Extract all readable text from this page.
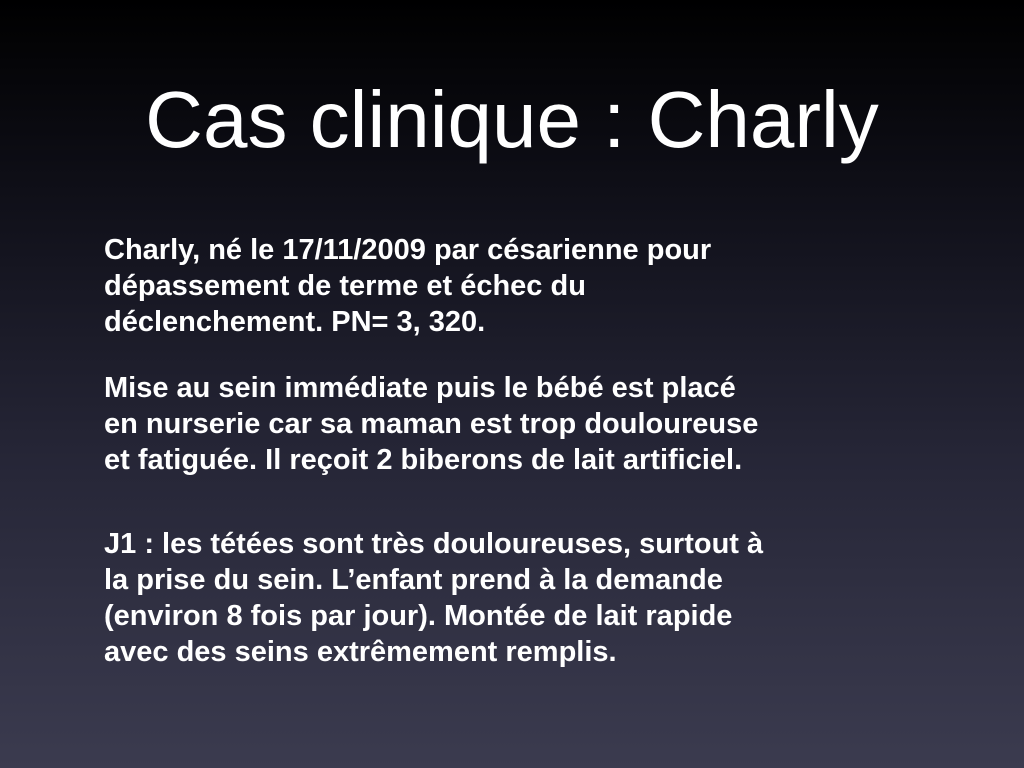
Cas clinique : Charly

Charly, né le 17/11/2009 par césarienne pour
dépassement de terme et échec du
déclenchement. PN= 3, 320.

Mise au sein immédiate puis le bébé est placé
en nurserie car sa maman est trop douloureuse
et fatiguée. Il reçoit 2 biberons de lait artificiel.

J1 : les tétées sont très douloureuses, surtout à
la prise du sein. L’enfant prend à la demande
(environ 8 fois par jour). Montée de lait rapide
avec des seins extrêmement remplis.
